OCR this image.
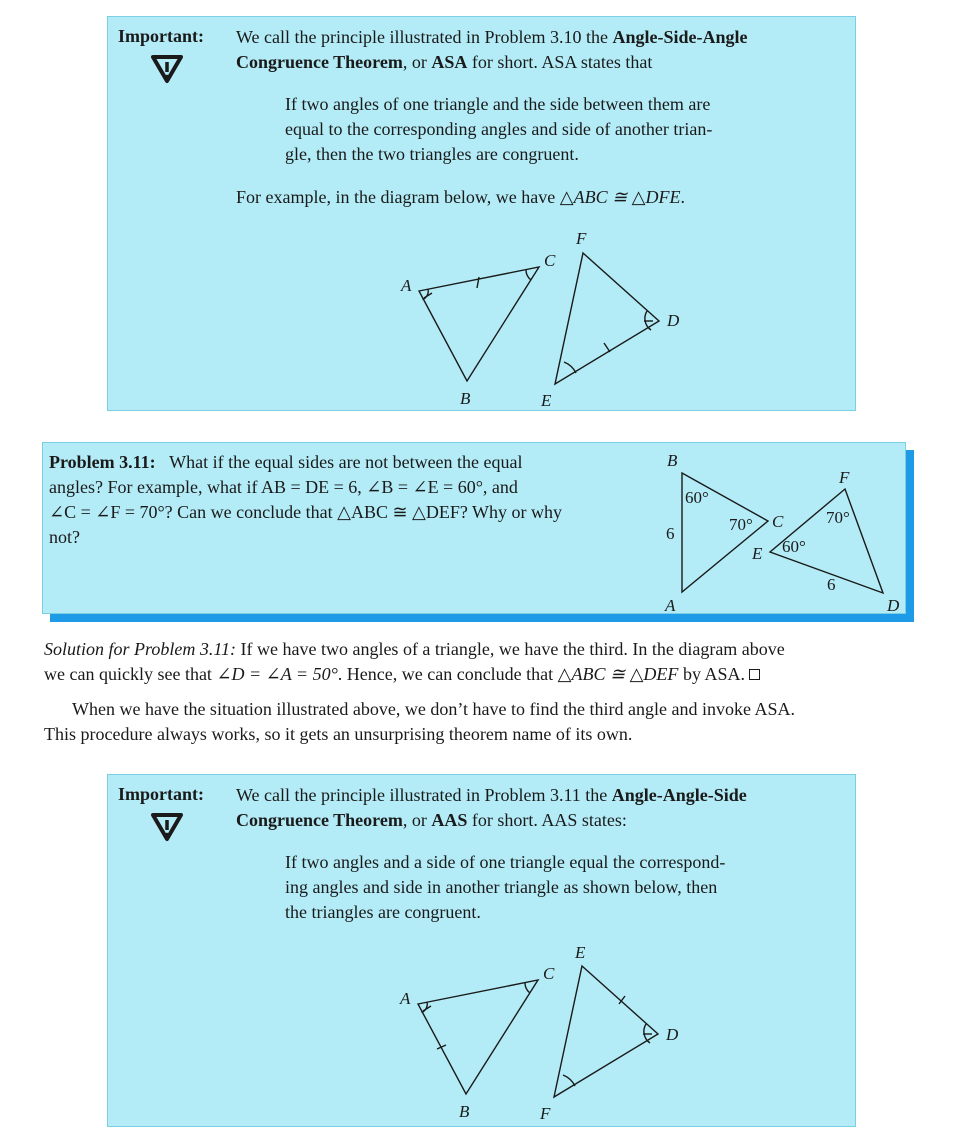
Important: We call the principle illustrated in Problem 3.10 the Angle-Side-Angle
Congruence Theorem, or ASA for short. ASA states that

If two angles of one triangle and the side between them are
equal to the corresponding angles and side of another trian-
gle, then the two triangles are congruent.

For example, in the diagram below, we have △ABC ≅ △DFE.

A
B
C
F
D
E

Problem 3.11: What if the equal sides are not between the equal
angles? For example, what if AB = DE = 6, ∠B = ∠E = 60°, and
∠C = ∠F = 70°? Can we conclude that △ABC ≅ △DEF? Why or why
not?

B
A
C
60°
70°
6
F
E
D
70°
60°
6

Solution for Problem 3.11: If we have two angles of a triangle, we have the third. In the diagram above
we can quickly see that ∠D = ∠A = 50°. Hence, we can conclude that △ABC ≅ △DEF by ASA.

When we have the situation illustrated above, we don’t have to find the third angle and invoke ASA.
This procedure always works, so it gets an unsurprising theorem name of its own.

Important: We call the principle illustrated in Problem 3.11 the Angle-Angle-Side
Congruence Theorem, or AAS for short. AAS states:

If two angles and a side of one triangle equal the correspond-
ing angles and side in another triangle as shown below, then
the triangles are congruent.

A
B
C
E
D
F
